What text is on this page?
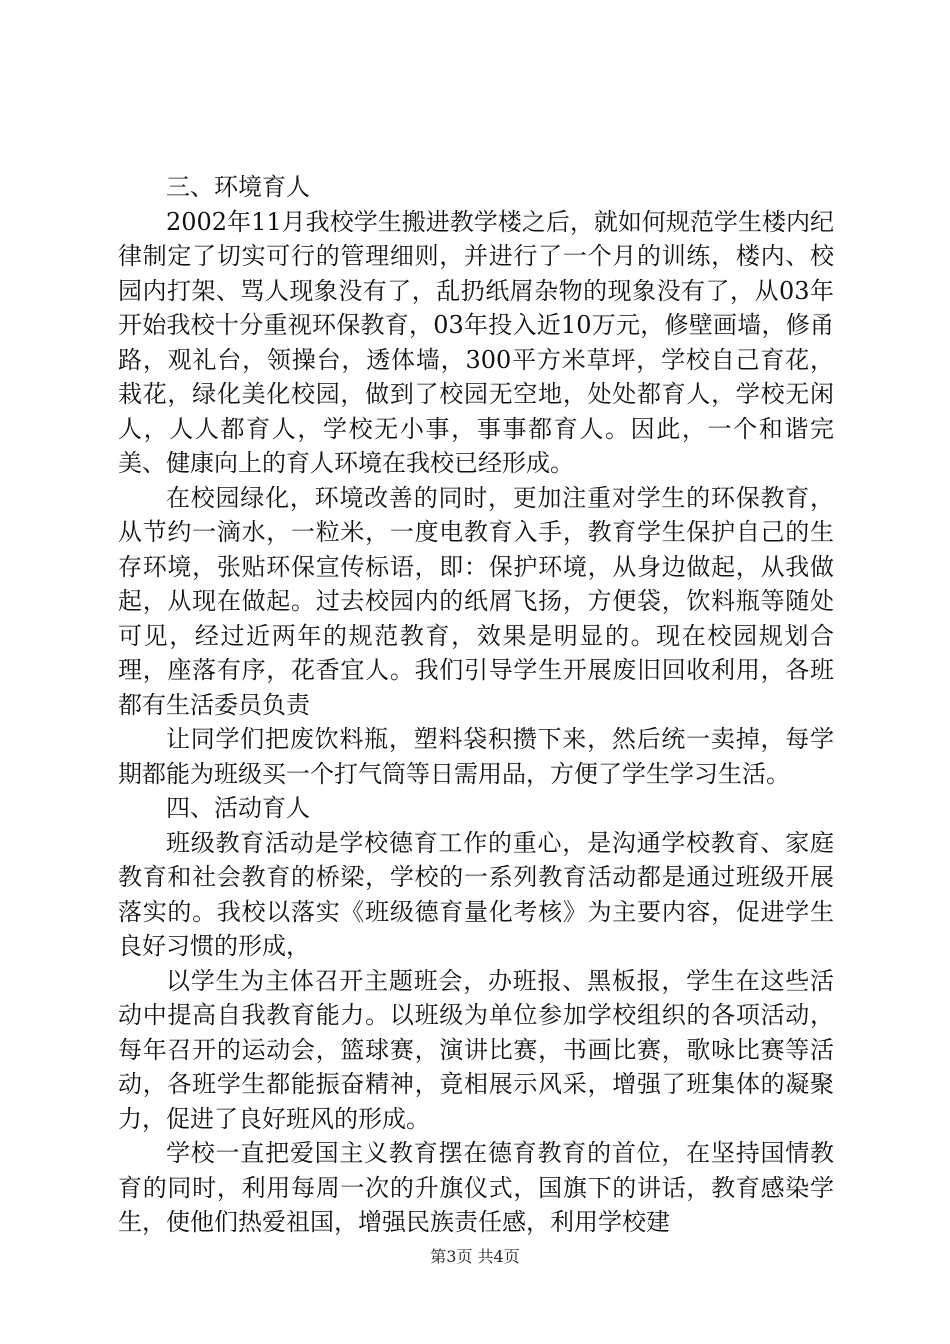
三、环境育人

2002年11月我校学生搬进教学楼之后，就如何规范学生楼内纪律制定了切实可行的管理细则，并进行了一个月的训练，楼内、校园内打架、骂人现象没有了，乱扔纸屑杂物的现象没有了，从03年开始我校十分重视环保教育，03年投入近10万元，修壁画墙，修甬路，观礼台，领操台，透体墙，300平方米草坪，学校自己育花，栽花，绿化美化校园，做到了校园无空地，处处都育人，学校无闲人，人人都育人，学校无小事，事事都育人。因此，一个和谐完美、健康向上的育人环境在我校已经形成。

在校园绿化，环境改善的同时，更加注重对学生的环保教育，从节约一滴水，一粒米，一度电教育入手，教育学生保护自己的生存环境，张贴环保宣传标语，即：保护环境，从身边做起，从我做起，从现在做起。过去校园内的纸屑飞扬，方便袋，饮料瓶等随处可见，经过近两年的规范教育，效果是明显的。现在校园规划合理，座落有序，花香宜人。我们引导学生开展废旧回收利用，各班都有生活委员负责

让同学们把废饮料瓶，塑料袋积攒下来，然后统一卖掉，每学期都能为班级买一个打气筒等日需用品，方便了学生学习生活。

四、活动育人

班级教育活动是学校德育工作的重心，是沟通学校教育、家庭教育和社会教育的桥梁，学校的一系列教育活动都是通过班级开展落实的。我校以落实《班级德育量化考核》为主要内容，促进学生良好习惯的形成，

以学生为主体召开主题班会，办班报、黑板报，学生在这些活动中提高自我教育能力。以班级为单位参加学校组织的各项活动，每年召开的运动会，篮球赛，演讲比赛，书画比赛，歌咏比赛等活动，各班学生都能振奋精神，竟相展示风采，增强了班集体的凝聚力，促进了良好班风的形成。

学校一直把爱国主义教育摆在德育教育的首位，在坚持国情教育的同时，利用每周一次的升旗仪式，国旗下的讲话，教育感染学生，使他们热爱祖国，增强民族责任感，利用学校建

第3页 共4页
